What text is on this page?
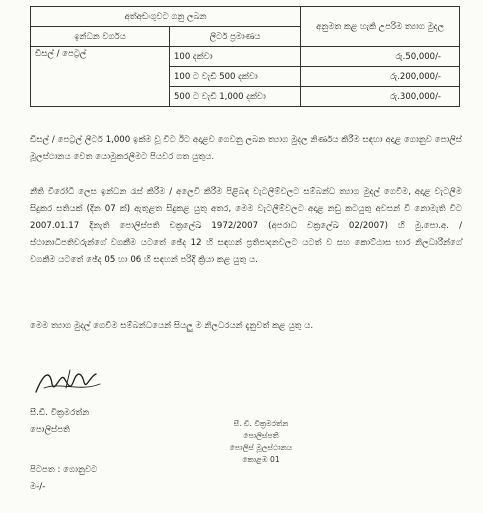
අත්අඩංගුවට ගනු ලබන		අනුමත කළ හැකි උපරිම ත්‍යාග මුදල
ඉන්ධන වර්ගය	ලීටර් ප්‍රමාණය	
ඩීසල් / පෙට්‍රල්	100 දක්වා	රු.50,000/-
	100 ට වැඩි 500 දක්වා	රු.200,000/-
	500 ට වැඩි 1,000 දක්වා	රු.300,000/-
ඩීසල් / පෙට්‍රල් ලීටර් 1,000 ඉක්ම වූ විට ඊට අදාළව ගෙවනු ලබන ත්‍යාග මුදල නිර්ණය කිරීම සඳහා අදාළ ගොනුව පොලිස් මූලස්ථානය වෙත යොමුකරලීමට පියවර ගත යුතුය.
නීති විරෝධී ලෙස ඉන්ධන රැස් කිරීම / අලෙවි කිරීම පිළිබඳ වැටලීම්වලට සම්බන්ධ ත්‍යාග මුදල් ගෙවීම, අදාළ වැටලීම සිදුකර සතියක් (දින 07 ක්) ඇතුළත සිදුකළ යුතු අතර, මෙම වැටලීම්වලට අදාළ නඩු කටයුතු අවසන් වී නොමැති විට 2007.01.17 දිනැති පොලිස්පති චක්‍රලේඛ 1972/2007 (අපරාධ චක්‍රලේඛ 02/2007) හි මු.පො.අ. / ස්ථානාධිපතිවරුන්ගේ වගකීම යටතේ ඡේද 12 හි සඳහන් ප්‍රතිපාදනවලට යටත් ව සහ කොට්ඨාස භාර නිලධාරීන්ගේ වගකීම යටතේ ඡේද 05 හා 06 හි සඳහන් පරිදි ක්‍රියා කළ යුතු ය.
මෙම ත්‍යාග මුදල් ගෙවීම සම්බන්ධයෙන් සියලු ම නිලධරයන් දැනුවත් කළ යුතු ය.
සී.ඩී. වික්‍රමරත්න
පොලිස්පති
සී. ඩී. වික්‍රමරත්න
පොලිස්පති
පොලිස් මූලස්ථානය
කොළඹ 01
පිටපත : ගොනුවට
ම-/-
